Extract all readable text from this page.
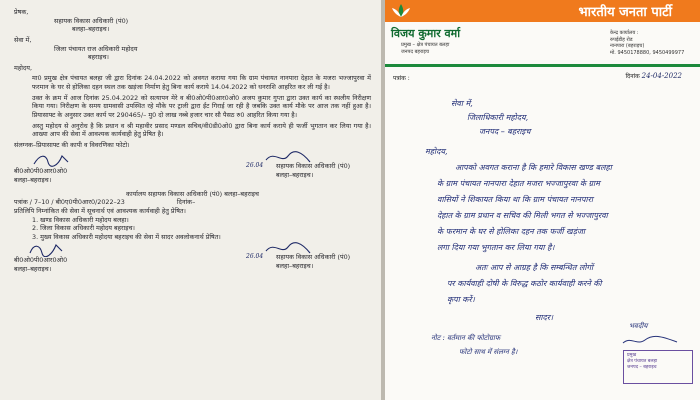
प्रेषक,
सहायक विकास अधिकारी (पं0)
बलहा–बहराइच।
सेवा में,
जिला पंचायत राज अधिकारी महोदय
बहराइच।
महोदय,
मा0 प्रमुख क्षेत्र पंचायत बलहा जी द्वारा दिनांक 24.04.2022 को अवगत कराया गया कि ग्राम पंचायत नानपारा देहात के मजरा भज्जापुरवा में फरमान के घर से होलिका दहन स्थल तक खड़ंजा निर्माण हेतु बिना कार्य कराये 14.04.2022 को धनराशि आहरित कर ली गई है।
उक्त के क्रम में आज दिनांक 25.04.2022 को सत्यापन मेरे व बी0ओ0पी0आर0ओ0 अजय कुमार गुप्ता द्वारा उक्त कार्य का स्थलीय निरीक्षण किया गया। निरीक्षण के समय ग्रामवासी उपस्थित रहे मौके पर ट्राली द्वारा ईंट गिराई जा रही है जबकि उक्त कार्य मौके पर आज तक नहीं हुआ है। प्रियासाफ्ट के अनुसार उक्त कार्य पर 290465/– मु0 दो लाख नब्बे हजार चार सौ पैसठ रु0 आहरित किया गया है।
अस्तु महोदय से अनुरोध है कि प्रधान व श्री महावीर प्रसाद मण्डल सचिव/वी0डी0ओ0 द्वारा बिना कार्य कराये ही फर्जी भुगतान कर लिया गया है। आख्या आप की सेवा में आवश्यक कार्यवाही हेतु प्रेषित है।
संलग्नक–प्रियासाफ्ट की कापी व विवरणिका फोटो।
बी0ओ0पी0आर0ओ0
बलहा–बहराइच।
26.04 सहायक विकास अधिकारी (पं0)
बलहा–बहराइच।
कार्यालय सहायक विकास अधिकारी (पं0) बलहा–बहराइच
पत्रांक / 7–10 / बी0ए0पी0आर0/2022–23	दिनांक–
प्रतिलिपि निम्नांकित की सेवा में सूचनार्थ एवं आवश्यक कार्यवाही हेतु प्रेषित।
1. खण्ड विकास अधिकारी महोदय बलहा।
2. जिला विकास अधिकारी महोदय बहराइच।
3. मुख्य विकास अधिकारी महोदया बहराइच की सेवा में सादर अवलोकनार्थ प्रेषित।
बी0ओ0पी0आर0ओ0
बलहा–बहराइच।
26.04 सहायक विकास अधिकारी (पं0)
बलहा–बहराइच।
भारतीय जनता पार्टी
विजय कुमार वर्मा
प्रमुख – क्षेत्र पंचायत बलहा
जनपद बहराइच
केन्द्र कार्यालय :
रुपईडीह रोड
नानपारा (बहराइच)
मो. 9450178880, 9450499977
पत्रांक :	दिनांक 24-04-2022
सेवा में,
जिलाधिकारी महोदय,
जनपद – बहराइच
महोदय,
आपको अवगत कराना है कि हमारे विकास खण्ड बलहा
के ग्राम पंचायत नानपारा देहात मजरा भज्जापुरवा के ग्राम
वासियों ने शिकायत किया था कि ग्राम पंचायत नानपारा
देहात के ग्राम प्रधान व सचिव की मिली भगत से भज्जापुरवा
के फरमान के घर से होलिका दहन तक फर्जी खड़ंजा
लगा दिया गया भुगतान कर लिया गया है।
अतः आप से आग्रह है कि सम्बन्धित लोगों
पर कार्यवाही दोषी के विरुद्ध कठोर कार्यवाही करने की
कृपा करें।
सादर।
नोट : वर्तमान की फोटोग्राफ
फोटो साथ में संलग्न है।
भवदीय
प्रमुख
क्षेत्र पंचायत बलहा
जनपद – बहराइच
